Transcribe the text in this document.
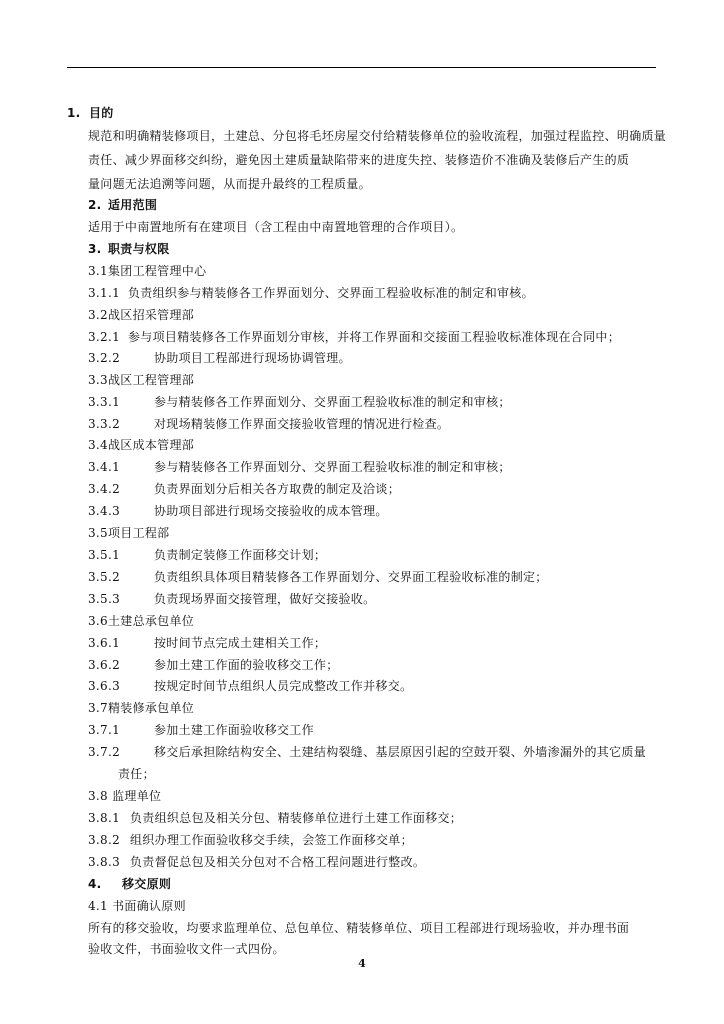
1. 目的
规范和明确精装修项目，土建总、分包将毛坯房屋交付给精装修单位的验收流程，加强过程监控、明确质量
责任、减少界面移交纠纷，避免因土建质量缺陷带来的进度失控、装修造价不准确及装修后产生的质
量问题无法追溯等问题，从而提升最终的工程质量。
2. 适用范围
适用于中南置地所有在建项目（含工程由中南置地管理的合作项目）。
3. 职责与权限
3.1集团工程管理中心
3.1.1 负责组织参与精装修各工作界面划分、交界面工程验收标准的制定和审核。
3.2战区招采管理部
3.2.1 参与项目精装修各工作界面划分审核，并将工作界面和交接面工程验收标准体现在合同中；
3.2.2	协助项目工程部进行现场协调管理。
3.3战区工程管理部
3.3.1	参与精装修各工作界面划分、交界面工程验收标准的制定和审核；
3.3.2	对现场精装修工作界面交接验收管理的情况进行检查。
3.4战区成本管理部
3.4.1	参与精装修各工作界面划分、交界面工程验收标准的制定和审核；
3.4.2	负责界面划分后相关各方取费的制定及洽谈；
3.4.3	协助项目部进行现场交接验收的成本管理。
3.5项目工程部
3.5.1	负责制定装修工作面移交计划；
3.5.2	负责组织具体项目精装修各工作界面划分、交界面工程验收标准的制定；
3.5.3	负责现场界面交接管理，做好交接验收。
3.6土建总承包单位
3.6.1	按时间节点完成土建相关工作；
3.6.2	参加土建工作面的验收移交工作；
3.6.3	按规定时间节点组织人员完成整改工作并移交。
3.7精装修承包单位
3.7.1	参加土建工作面验收移交工作
3.7.2	移交后承担除结构安全、土建结构裂缝、基层原因引起的空鼓开裂、外墙渗漏外的其它质量
责任；
3.8 监理单位
3.8.1 负责组织总包及相关分包、精装修单位进行土建工作面移交；
3.8.2 组织办理工作面验收移交手续，会签工作面移交单；
3.8.3 负责督促总包及相关分包对不合格工程问题进行整改。
4. 移交原则
4.1 书面确认原则
所有的移交验收，均要求监理单位、总包单位、精装修单位、项目工程部进行现场验收，并办理书面
验收文件，书面验收文件一式四份。
4
